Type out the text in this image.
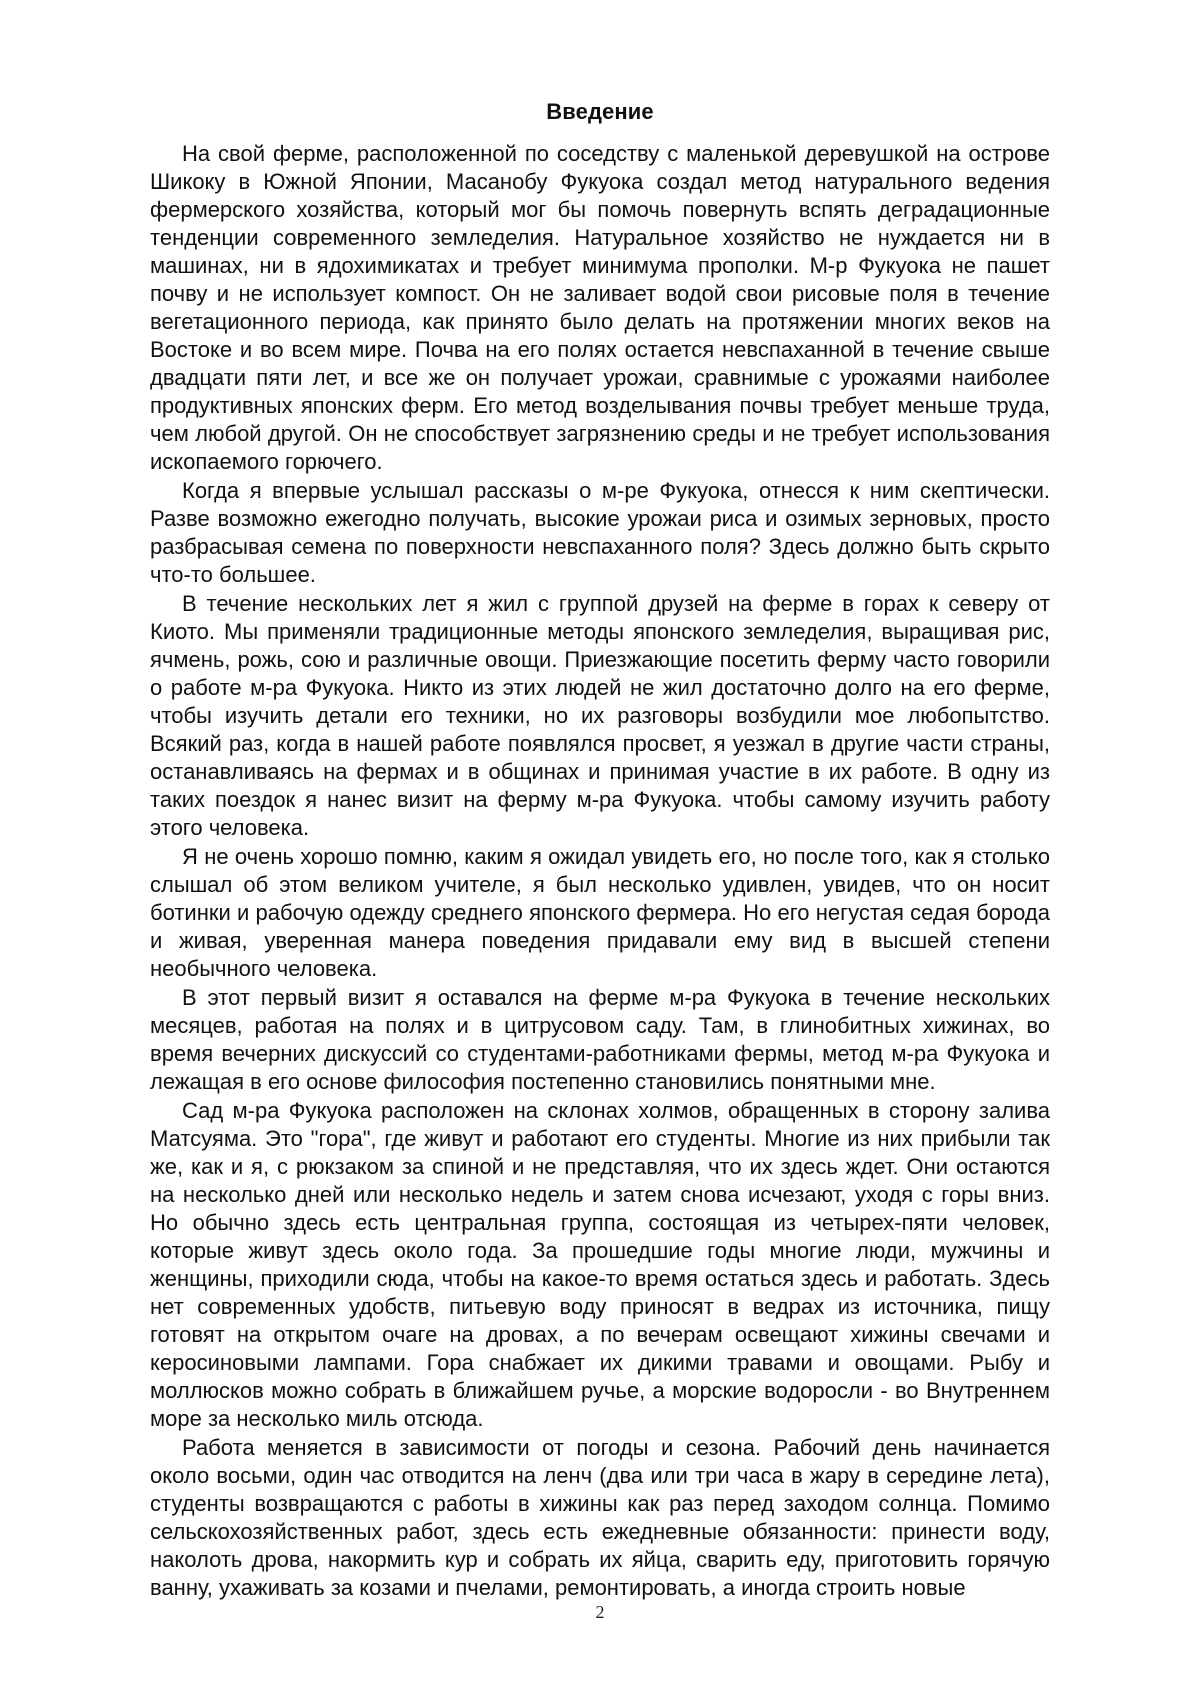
Введение

На свой ферме, расположенной по соседству с маленькой деревушкой на острове Шикоку в Южной Японии, Масанобу Фукуока создал метод натурального ведения фермерского хозяйства, который мог бы помочь повернуть вспять деградационные тенденции современного земледелия. Натуральное хозяйство не нуждается ни в машинах, ни в ядохимикатах и требует минимума прополки. М-р Фукуока не пашет почву и не использует компост. Он не заливает водой свои рисовые поля в течение вегетационного периода, как принято было делать на протяжении многих веков на Востоке и во всем мире. Почва на его полях остается невспаханной в течение свыше двадцати пяти лет, и все же он получает урожаи, сравнимые с урожаями наиболее продуктивных японских ферм. Его метод возделывания почвы требует меньше труда, чем любой другой. Он не способствует загрязнению среды и не требует использования ископаемого горючего.

Когда я впервые услышал рассказы о м-ре Фукуока, отнесся к ним скептически. Разве возможно ежегодно получать, высокие урожаи риса и озимых зерновых, просто разбрасывая семена по поверхности невспаханного поля? Здесь должно быть скрыто что-то большее.

В течение нескольких лет я жил с группой друзей на ферме в горах к северу от Киото. Мы применяли традиционные методы японского земледелия, выращивая рис, ячмень, рожь, сою и различные овощи. Приезжающие посетить ферму часто говорили о работе м-ра Фукуока. Никто из этих людей не жил достаточно долго на его ферме, чтобы изучить детали его техники, но их разговоры возбудили мое любопытство. Всякий раз, когда в нашей работе появлялся просвет, я уезжал в другие части страны, останавливаясь на фермах и в общинах и принимая участие в их работе. В одну из таких поездок я нанес визит на ферму м-ра Фукуока. чтобы самому изучить работу этого человека.

Я не очень хорошо помню, каким я ожидал увидеть его, но после того, как я столько слышал об этом великом учителе, я был несколько удивлен, увидев, что он носит ботинки и рабочую одежду среднего японского фермера. Но его негустая седая борода и живая, уверенная манера поведения придавали ему вид в высшей степени необычного человека.

В этот первый визит я оставался на ферме м-ра Фукуока в течение нескольких месяцев, работая на полях и в цитрусовом саду. Там, в глинобитных хижинах, во время вечерних дискуссий со студентами-работниками фермы, метод м-ра Фукуока и лежащая в его основе философия постепенно становились понятными мне.

Сад м-ра Фукуока расположен на склонах холмов, обращенных в сторону залива Матсуяма. Это "гора", где живут и работают его студенты. Многие из них прибыли так же, как и я, с рюкзаком за спиной и не представляя, что их здесь ждет. Они остаются на несколько дней или несколько недель и затем снова исчезают, уходя с горы вниз. Но обычно здесь есть центральная группа, состоящая из четырех-пяти человек, которые живут здесь около года. За прошедшие годы многие люди, мужчины и женщины, приходили сюда, чтобы на какое-то время остаться здесь и работать. Здесь нет современных удобств, питьевую воду приносят в ведрах из источника, пищу готовят на открытом очаге на дровах, а по вечерам освещают хижины свечами и керосиновыми лампами. Гора снабжает их дикими травами и овощами. Рыбу и моллюсков можно собрать в ближайшем ручье, а морские водоросли - во Внутреннем море за несколько миль отсюда.

Работа меняется в зависимости от погоды и сезона. Рабочий день начинается около восьми, один час отводится на ленч (два или три часа в жару в середине лета), студенты возвращаются с работы в хижины как раз перед заходом солнца. Помимо сельскохозяйственных работ, здесь есть ежедневные обязанности: принести воду, наколоть дрова, накормить кур и собрать их яйца, сварить еду, приготовить горячую ванну, ухаживать за козами и пчелами, ремонтировать, а иногда строить новые

2
